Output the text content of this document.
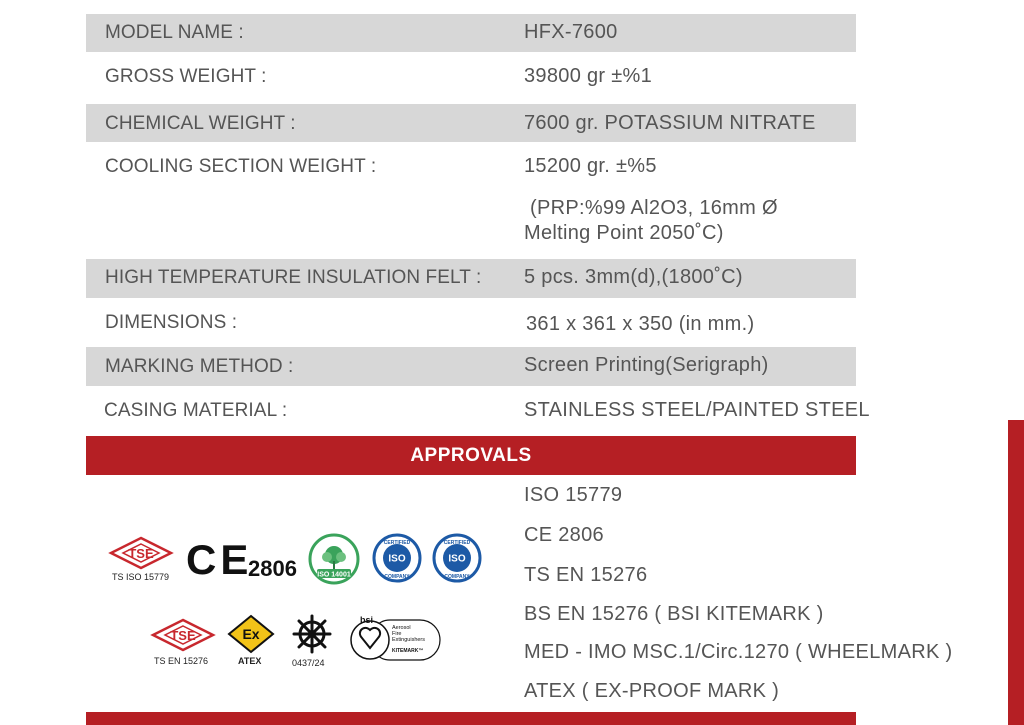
MODEL NAME :	HFX-7600
GROSS WEIGHT :	39800 gr ±%1
CHEMICAL WEIGHT :	7600 gr. POTASSIUM NITRATE
COOLING SECTION WEIGHT :	15200 gr. ±%5
(PRP:%99 Al2O3, 16mm Ø
Melting Point 2050˚C)
HIGH TEMPERATURE INSULATION FELT : 5 pcs. 3mm(d),(1800˚C)
DIMENSIONS :	361 x 361 x 350 (in mm.)
MARKING METHOD :	Screen Printing(Serigraph)
CASING MATERIAL :	STAINLESS STEEL/PAINTED STEEL
APPROVALS
ISO 15779
CE 2806
TS EN 15276
BS EN 15276 ( BSI KITEMARK )
MED - IMO MSC.1/Circ.1270 ( WHEELMARK )
ATEX ( EX-PROOF MARK )
TSE
TS ISO 15779 CE
2806	ISO 14001
CERTIFIED
ISO
COMPANY
CERTIFIED
ISO
COMPANY
TSE
TS EN 15276
Ex
ATEX	0437/24
bsi
Aerosol
Fire
Extinguishers
KITEMARK™
